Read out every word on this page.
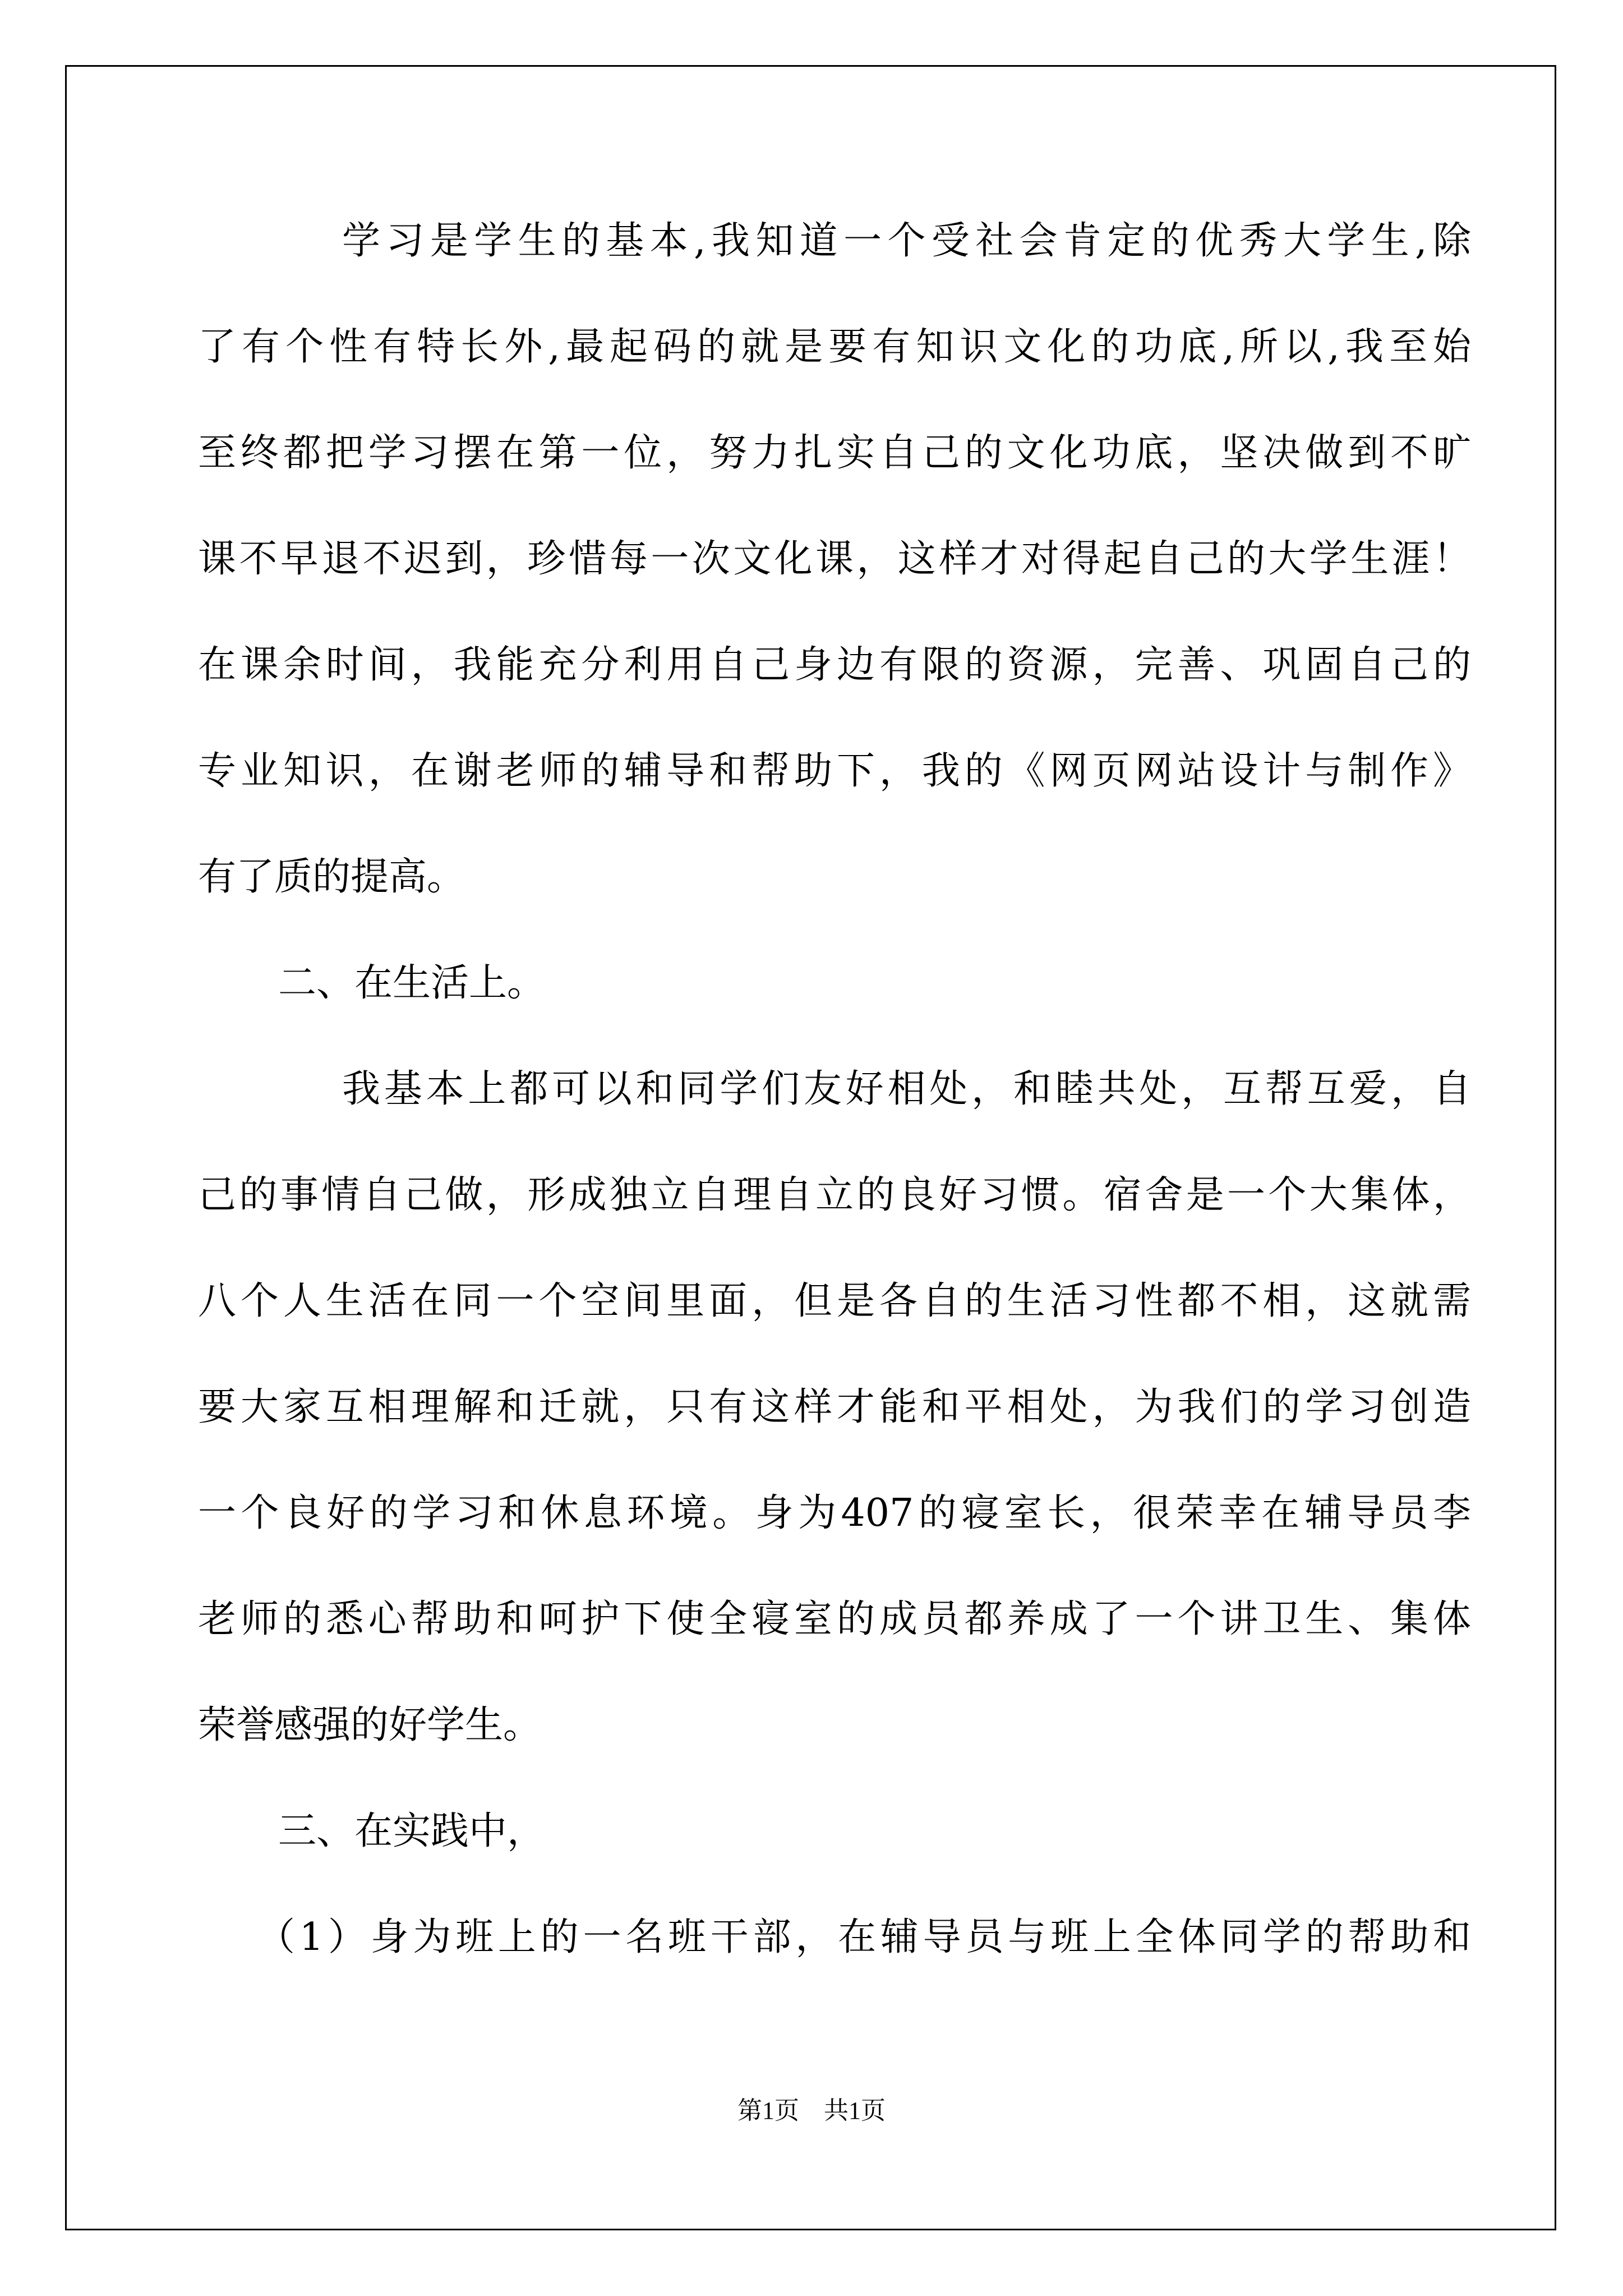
学习是学生的基本,我知道一个受社会肯定的优秀大学生,除
了有个性有特长外,最起码的就是要有知识文化的功底,所以,我至始
至终都把学习摆在第一位，努力扎实自己的文化功底，坚决做到不旷
课不早退不迟到，珍惜每一次文化课，这样才对得起自己的大学生涯！
在课余时间，我能充分利用自己身边有限的资源，完善、巩固自己的
专业知识，在谢老师的辅导和帮助下，我的《网页网站设计与制作》
有了质的提高。
二、在生活上。
我基本上都可以和同学们友好相处，和睦共处，互帮互爱，自
己的事情自己做，形成独立自理自立的良好习惯。宿舍是一个大集体，
八个人生活在同一个空间里面，但是各自的生活习性都不相，这就需
要大家互相理解和迁就，只有这样才能和平相处，为我们的学习创造
一个良好的学习和休息环境。身为407的寝室长，很荣幸在辅导员李
老师的悉心帮助和呵护下使全寝室的成员都养成了一个讲卫生、集体
荣誉感强的好学生。
三、在实践中，
（1）身为班上的一名班干部，在辅导员与班上全体同学的帮助和
第1页　共1页
